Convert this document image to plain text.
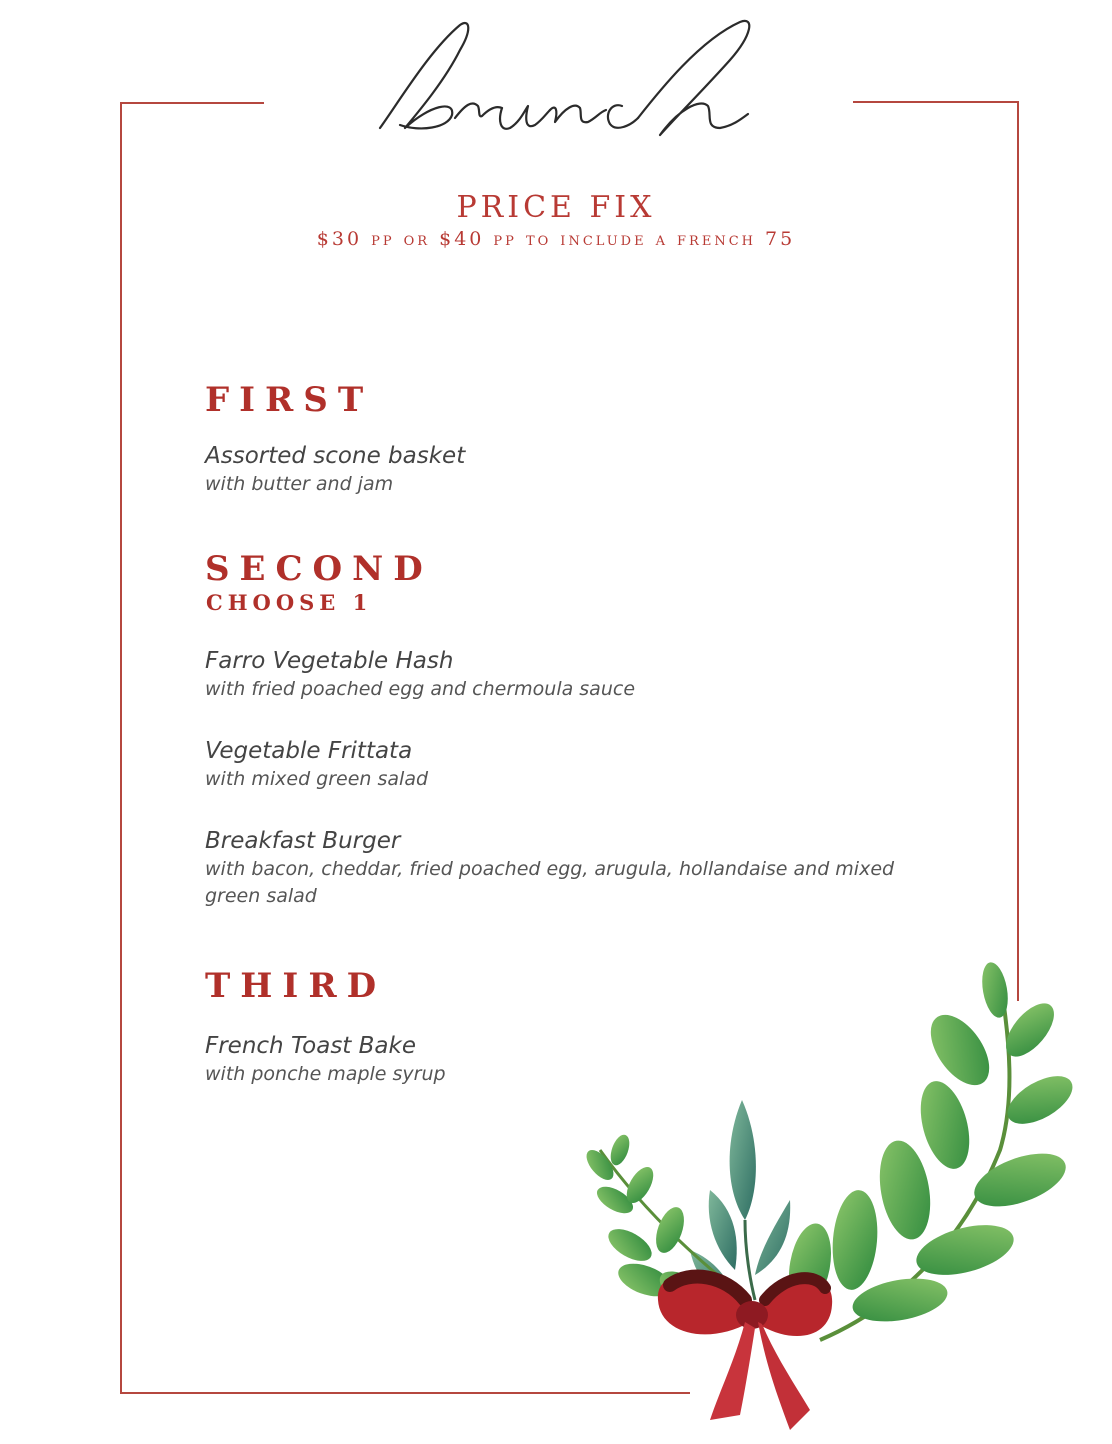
PRICE FIX
$30 pp or $40 pp to include a french 75
FIRST
Assorted scone basket
with butter and jam
SECOND
CHOOSE 1
Farro Vegetable Hash
with fried poached egg and chermoula sauce
Vegetable Frittata
with mixed green salad
Breakfast Burger
with bacon, cheddar, fried poached egg, arugula, hollandaise and mixed green salad
THIRD
French Toast Bake
with ponche maple syrup
